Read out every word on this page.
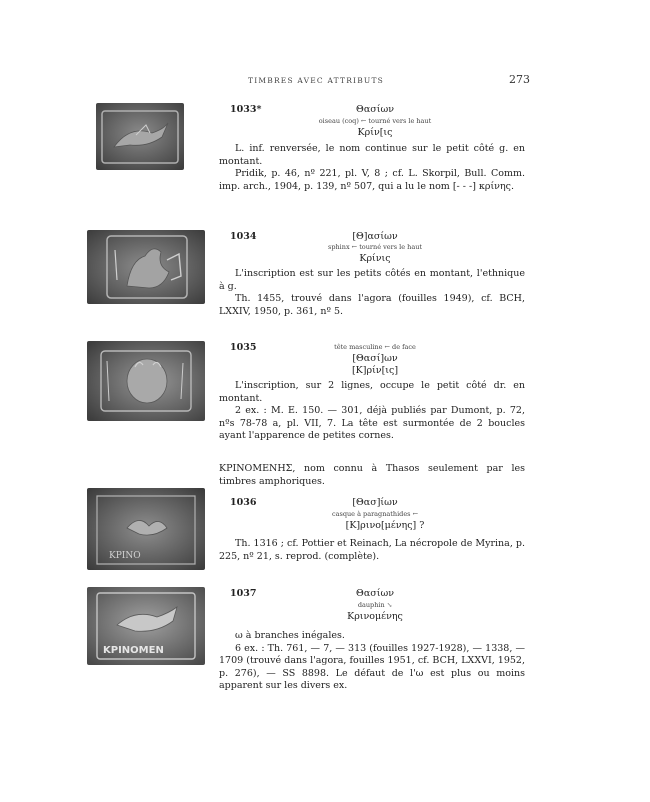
TIMBRES AVEC ATTRIBUTS	273
1033*	Θασίων
oiseau (coq) ← tourné vers le haut
Κρίν[ις

L. inf. renversée, le nom continue sur le petit côté g. en montant.

Pridik, p. 46, nº 221, pl. V, 8 ; cf. L. Skorpil, Bull. Comm. imp. arch., 1904, p. 139, nº 507, qui a lu le nom [- - -] κρίνης.

1034	[Θ]ασίων
sphinx ← tourné vers le haut
Κρίνις

L'inscription est sur les petits côtés en montant, l'ethnique à g.

Th. 1455, trouvé dans l'agora (fouilles 1949), cf. BCH, LXXIV, 1950, p. 361, nº 5.

1035	tête masculine ← de face
[Θασί]ων
[Κ]ρίν[ις]

L'inscription, sur 2 lignes, occupe le petit côté dr. en montant.

2 ex. : M. E. 150. — 301, déjà publiés par Dumont, p. 72, nºs 78-78 a, pl. VII, 7. La tête est surmontée de 2 boucles ayant l'apparence de petites cornes.

ΚΡΙΝΟΜΕΝΗΣ, nom connu à Thasos seulement par les timbres amphoriques.

ΚΡΙΝΟ
1036	[Θασ]ίων
casque à paragnathides ←
[Κ]ρινο[μένης] ?

Th. 1316 ; cf. Pottier et Reinach, La nécropole de Myrina, p. 225, nº 21, s. reprod. (complète).

ΚΡΙΝΟΜΕΝ
1037	Θασίων
dauphin ↘
Κρινομένης

ω à branches inégales.

6 ex. : Th. 761, — 7, — 313 (fouilles 1927-1928), — 1338, — 1709 (trouvé dans l'agora, fouilles 1951, cf. BCH, LXXVI, 1952, p. 276), — SS 8898. Le défaut de l'ω est plus ou moins apparent sur les divers ex.
